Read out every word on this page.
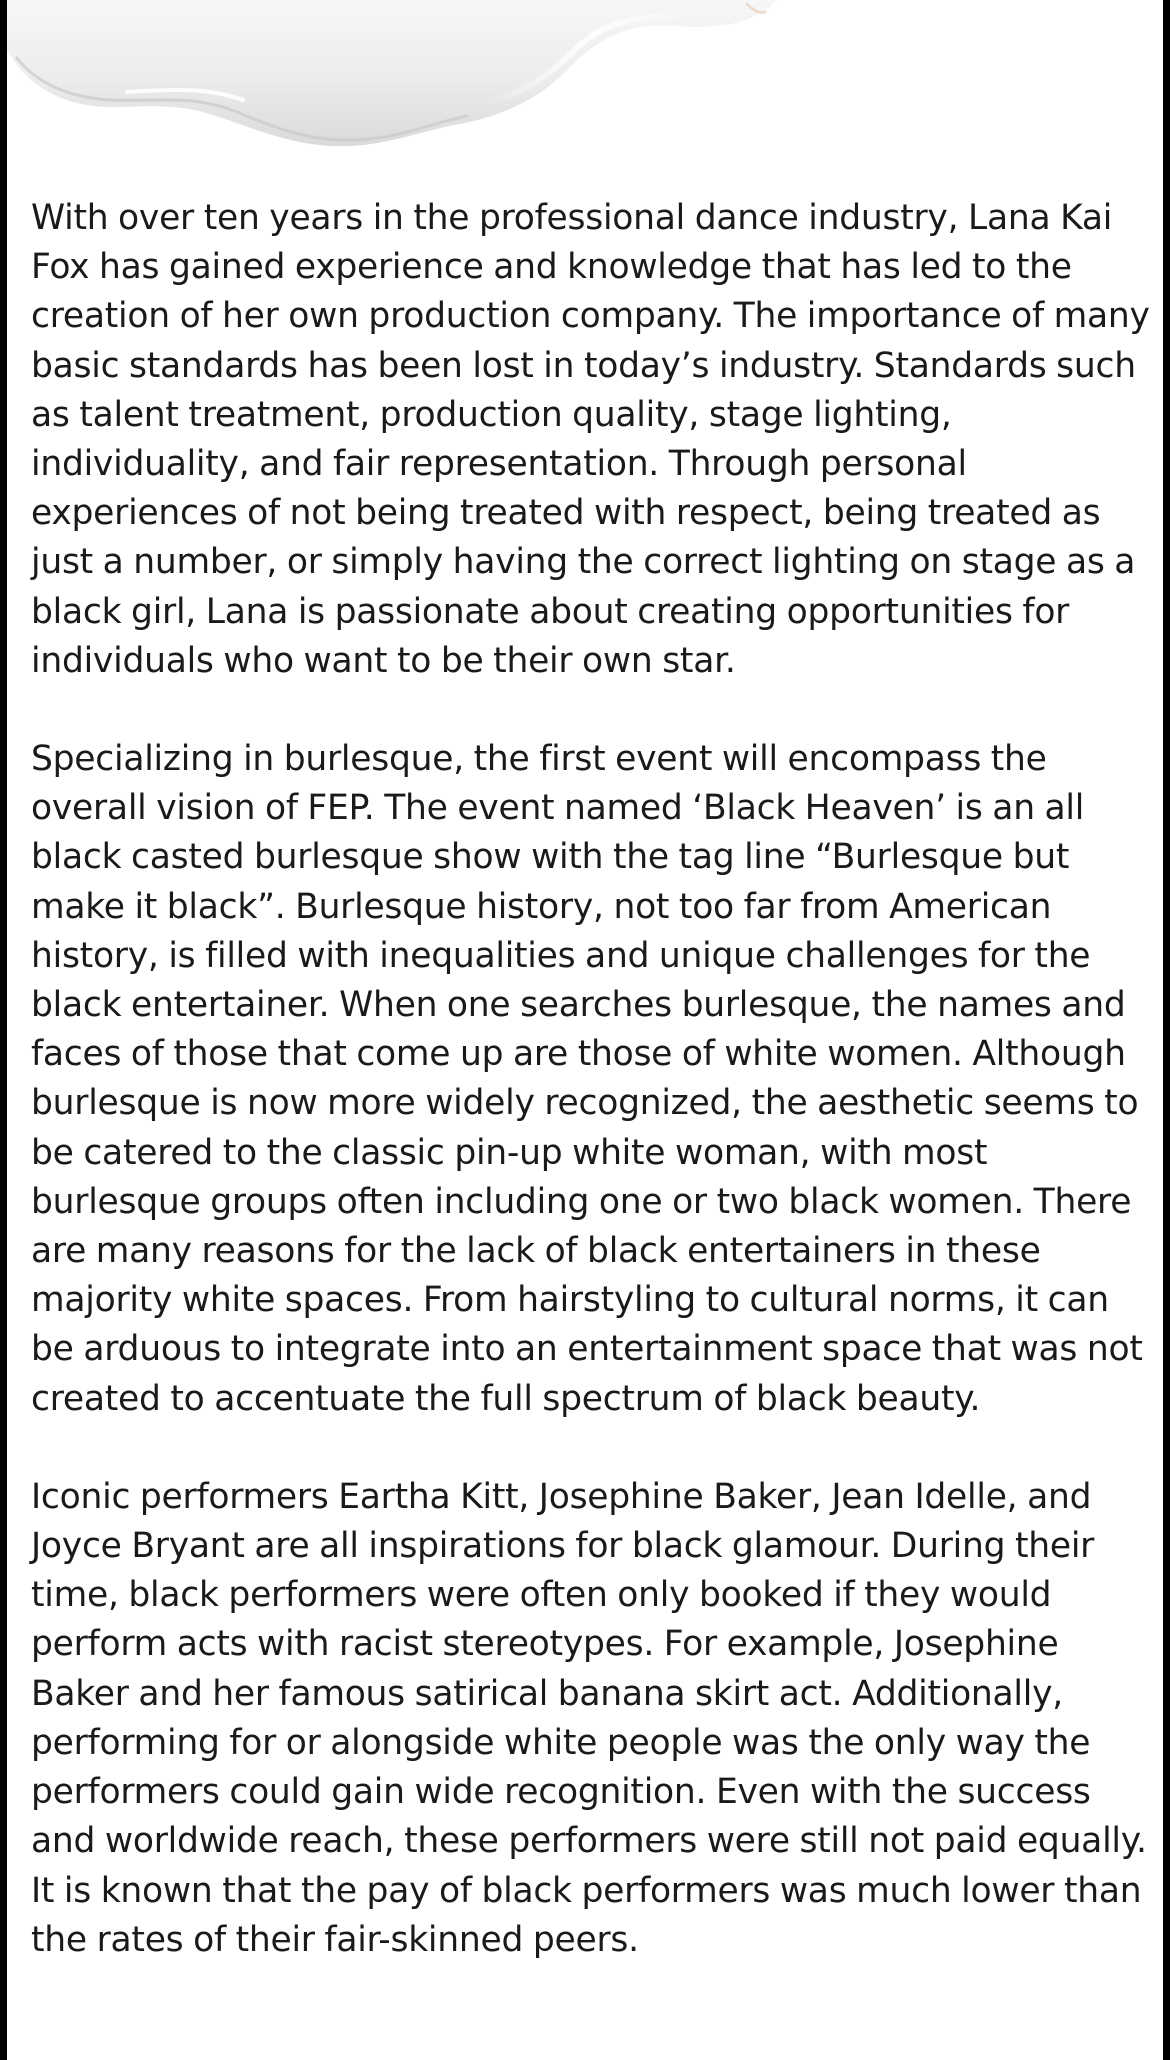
With over ten years in the professional dance industry, Lana Kai Fox has gained experience and knowledge that has led to the creation of her own production company. The importance of many basic standards has been lost in today’s industry. Standards such as talent treatment, production quality, stage lighting, individuality, and fair representation. Through personal experiences of not being treated with respect, being treated as just a number, or simply having the correct lighting on stage as a black girl, Lana is passionate about creating opportunities for individuals who want to be their own star.

Specializing in burlesque, the first event will encompass the overall vision of FEP. The event named ‘Black Heaven’ is an all black casted burlesque show with the tag line “Burlesque but make it black”. Burlesque history, not too far from American history, is filled with inequalities and unique challenges for the black entertainer. When one searches burlesque, the names and faces of those that come up are those of white women. Although burlesque is now more widely recognized, the aesthetic seems to be catered to the classic pin-up white woman, with most burlesque groups often including one or two black women. There are many reasons for the lack of black entertainers in these majority white spaces. From hairstyling to cultural norms, it can be arduous to integrate into an entertainment space that was not created to accentuate the full spectrum of black beauty.

Iconic performers Eartha Kitt, Josephine Baker, Jean Idelle, and Joyce Bryant are all inspirations for black glamour. During their time, black performers were often only booked if they would perform acts with racist stereotypes. For example, Josephine Baker and her famous satirical banana skirt act. Additionally, performing for or alongside white people was the only way the performers could gain wide recognition. Even with the success and worldwide reach, these performers were still not paid equally. It is known that the pay of black performers was much lower than the rates of their fair-skinned peers.
